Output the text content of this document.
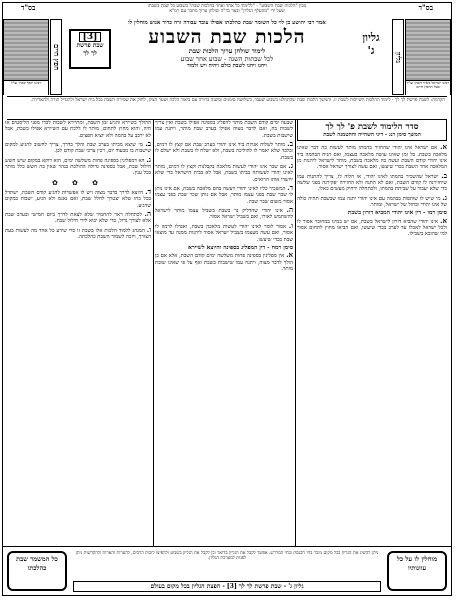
בס"ד
בס"ד	מכון "הלכות שבת השבוע" - "ללימוד כל אחד ואחד בהלכות שבת" בשבוע כל שבת בשבתו
שעל ידי "מהעלף הגליון" ובאר בד"ה שולחן ערוך מחבר עם רמ"א
רבינו ישראל מאיר הכהן זצ"ל בעל החפץ חיים
גליון
רבינו יוסף קארו זצ"ל
חפץ חיים
גליון
ג'
[3]
שבת פרשת
לך לך
אמר רבי יהושע בן לוי כל השומר שבת כהלכתו אפילו עובד עבודה זרה כדור אנוש מוחלין לו
הלכות שבת השבוע
לימוד שולחן ערוך הלכות שבת
לכל שבתות השנה - שבוע אחר שבוע
ויחנו ויחנו לשבת כולם ויהיה ויש ולמוד
הקדמה: לשבת פרשת לך לך - לימוד ההלכות השייכות לשבת זו, והמשך הלכות שבת שהתחלנו בשבוע שעבר, בשלושה סימנים ומשנה ברורה עם ביאור הלכה ושער הציון, לחזק את שמירת השבת בכל בית ישראל ולהגדיל תורה ולהאדירה.
סדר הלימוד לשבת פ' לך לך
המשך סימן רנג - דיני השהייה וההטמנה לשבת
א. אם ישראל אינו יהודי שהחזיר בהמתו מותר לעשות בה דבר שאינו מלאכה בשבת. כל זמן שאינו עושה מלאכה בעצמו, ואם הניח הבהמה ביד אינו יהודי קודם השבת ועשה בה מלאכה בשבת, מותר לישראל ליהנות מן המלאכה אחר השבת בכדי שיעשו, ואם עשה לצורך ישראל אסור.
ב. ישראל שהשכיר בהמתו לאינו יהודי, או הלוה לו, צריך להתנות עמו שיחזירנה לו קודם השבת, ואם לא התנה ולא החזירה יפקירנה בפני שלשה כדי שלא יעבור על שביתת בהמתו, ולכתחלה ירחיק מעשים כאלו.
ג. מי שיש לו שותפות בבהמה עם אינו יהודי יתנה עמו שבשבת תהיה כולה של אינו יהודי ובחול של ישראל, ומותר.
סימן רמו - דין אינו יהודי המביא דורון בשבת
א. אינו יהודי שהביא דורון לישראל בשבת, אם יש במינו במחובר אסור לו ולכל ישראל לאכלו עד לערב בכדי שיעשו, ואם הביאו מחוץ לתחום אסור למי שהובא בשבילו.
שבעה ימים קודם השבת מותר להפליג בספינה אפילו בשבת ואין צריך לשבות בה, ואם לדבר מצוה אפילו בערב שבת מותר, ויתנה עמו שישבות בשבת.
ב. מותר לשלוח אגרות ביד אינו יהודי בערב שבת אם קצץ לו דמים, ובלבד שלא יאמר לו להוליכה בשבת, ולא ישלח לו בשבת ולא ישלם לו בשבת.
ג. אם שכר אינו יהודי לעשות מלאכה בקבלנות וקצץ לו דמים, מותר לאינו יהודי לעשותה בביתו בשבת, אבל לא בבית הישראל כדי שלא יחשדו אותו הרואים.
ד. המשכיר כליו לאינו יהודי ויעשה בהם מלאכה בשבת, אם אינו נותן לו שכר שבת בפני עצמו מותר, אבל אם נותן שכר שבת בפני עצמו אסור משום שכר שבת.
ה. אינו יהודי שהדליק נר בשבת בשביל עצמו מותר לישראל להשתמש לאורו, ואם בשביל ישראל אסור.
ו. אסור לומר לאינו יהודי לעשות מלאכה בשבת, ואפילו לרמוז לו אסור, ואם עשה מעצמו בשביל ישראל אסור ליהנות ממנה עד מוצאי שבת בכדי שיעשו.
סימן רמח - דין המפליג בספינה והיוצא לשיירא
א. אין מפליגין בספינה פחות משלשה ימים קודם השבת, אלא אם כן הולך לדבר מצוה, ויתנה עמו שישבות בשבת ואף על פי שאינו שובת מותר.
ההולך בשיירא והגיע זמן השבת, ומתיירא לשבות לבדו מפני הליסטים או חיה, והוא מחוץ לתחום, מותר לו ללכת עם השיירא אפילו בשבת, אבל לא ירכב על בהמה ולא יוציא חפצים.
ב. מי שיצא מביתו בערב שבת והלך בדרך, צריך לחשוב להגיע למקום שישבות בו מבעוד יום, ויכין צרכי שבת קודם לכן.
ג. הא דמפליגין בספינה פחות משלשה ימים, הוא דוקא במקום שיש חשש חילול שבת, אבל בספינה גדולה ההולכת בנהר שאין בה חשש כלל מותר בכל ענין.
✿ ✿ ✿
ד. היוצא לדרך בדבר מצוה ויש לו אפשרות להגיע קודם השבת, ישתדל בכל כחו שלא יצטרך לחלל שבת, ואם נאנס ולא הגיע, ישבות במקום שהגיע.
ה. לכתחלה ראוי להחמיר שלא לצאת לדרך ביום חמישי ובערב שבת אלא לצורך גדול, כדי שלא יבוא לידי חילול שבת.
ו. המנהג ללמוד הלכות אלו בשבת זו כדי שידע כל אחד מה לעשות בעת הצורך, ויזכה לשמור השבת כהלכתה.
מוחלין לו על כל עוונותיו
כל המשמר שבת כהלכתו
ניתן להשיג את הגליון בכל מקום מוכר בתי הכנסת ובתי המדרש. אפשר לקבל את הגליון בדואר וכן לקבל את הגליון בשבוע ולהפיצו לזכות הרבים, להערות והארות ולהקדשות ניתן לפנות למערכת הגליון.
גליון ג' - שבת פרשת לך לך [3] - הפצת הגליון בכל מקום בעולם
